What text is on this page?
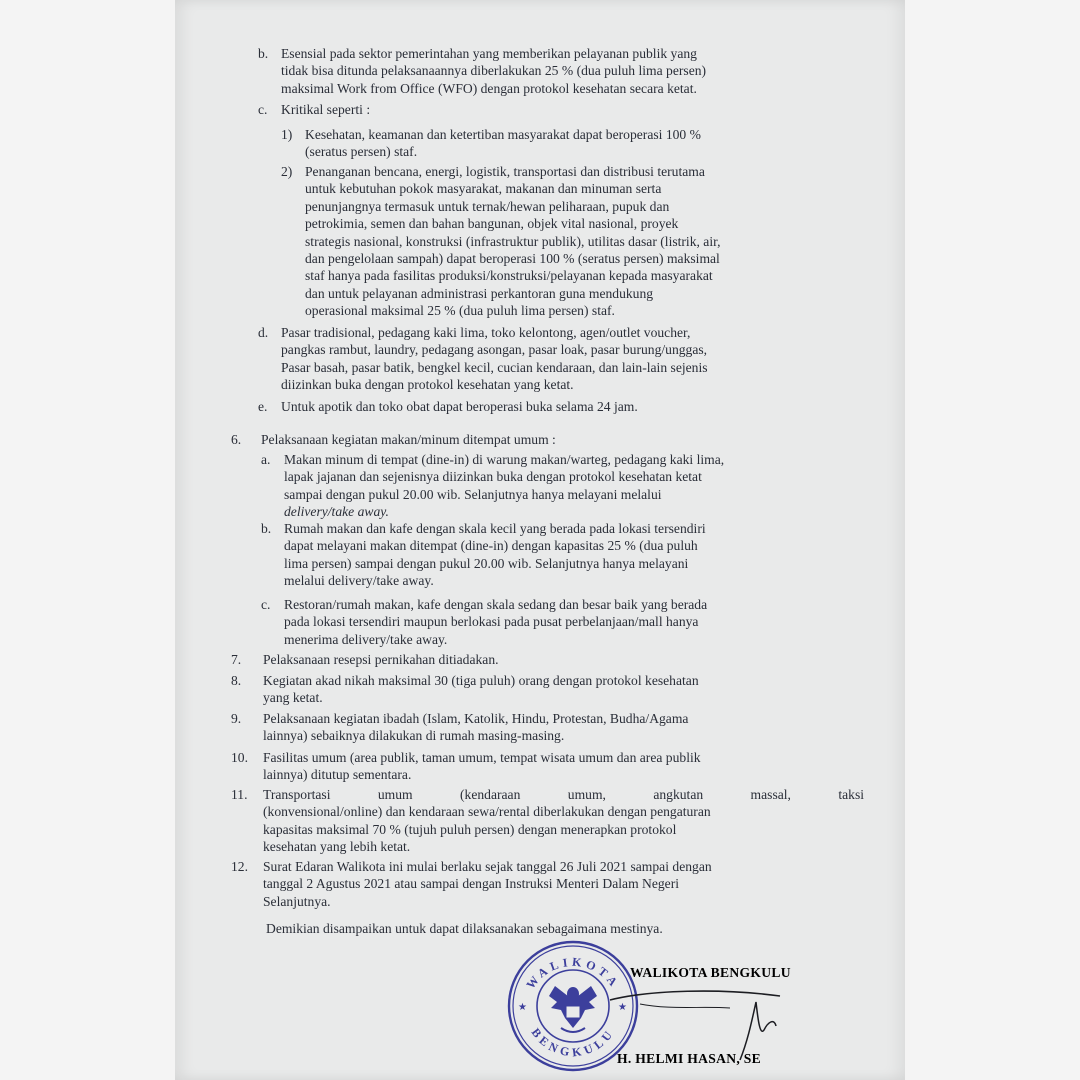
b. Esensial pada sektor pemerintahan yang memberikan pelayanan publik yang
tidak bisa ditunda pelaksanaannya diberlakukan 25 % (dua puluh lima persen)
maksimal Work from Office (WFO) dengan protokol kesehatan secara ketat.
c. Kritikal seperti :
1) Kesehatan, keamanan dan ketertiban masyarakat dapat beroperasi 100 %
(seratus persen) staf.
2) Penanganan bencana, energi, logistik, transportasi dan distribusi terutama
untuk kebutuhan pokok masyarakat, makanan dan minuman serta
penunjangnya termasuk untuk ternak/hewan peliharaan, pupuk dan
petrokimia, semen dan bahan bangunan, objek vital nasional, proyek
strategis nasional, konstruksi (infrastruktur publik), utilitas dasar (listrik, air,
dan pengelolaan sampah) dapat beroperasi 100 % (seratus persen) maksimal
staf hanya pada fasilitas produksi/konstruksi/pelayanan kepada masyarakat
dan untuk pelayanan administrasi perkantoran guna mendukung
operasional maksimal 25 % (dua puluh lima persen) staf.
d. Pasar tradisional, pedagang kaki lima, toko kelontong, agen/outlet voucher,
pangkas rambut, laundry, pedagang asongan, pasar loak, pasar burung/unggas,
Pasar basah, pasar batik, bengkel kecil, cucian kendaraan, dan lain-lain sejenis
diizinkan buka dengan protokol kesehatan yang ketat.
e. Untuk apotik dan toko obat dapat beroperasi buka selama 24 jam.
6. Pelaksanaan kegiatan makan/minum ditempat umum :
a. Makan minum di tempat (dine-in) di warung makan/warteg, pedagang kaki lima,
lapak jajanan dan sejenisnya diizinkan buka dengan protokol kesehatan ketat
sampai dengan pukul 20.00 wib. Selanjutnya hanya melayani melalui
delivery/take away.
b. Rumah makan dan kafe dengan skala kecil yang berada pada lokasi tersendiri
dapat melayani makan ditempat (dine-in) dengan kapasitas 25 % (dua puluh
lima persen) sampai dengan pukul 20.00 wib. Selanjutnya hanya melayani
melalui delivery/take away.
c. Restoran/rumah makan, kafe dengan skala sedang dan besar baik yang berada
pada lokasi tersendiri maupun berlokasi pada pusat perbelanjaan/mall hanya
menerima delivery/take away.
7. Pelaksanaan resepsi pernikahan ditiadakan.
8. Kegiatan akad nikah maksimal 30 (tiga puluh) orang dengan protokol kesehatan
yang ketat.
9. Pelaksanaan kegiatan ibadah (Islam, Katolik, Hindu, Protestan, Budha/Agama
lainnya) sebaiknya dilakukan di rumah masing-masing.
10. Fasilitas umum (area publik, taman umum, tempat wisata umum dan area publik
lainnya) ditutup sementara.
11. Transportasi umum (kendaraan umum, angkutan massal, taksi
(konvensional/online) dan kendaraan sewa/rental diberlakukan dengan pengaturan
kapasitas maksimal 70 % (tujuh puluh persen) dengan menerapkan protokol
kesehatan yang lebih ketat.
12. Surat Edaran Walikota ini mulai berlaku sejak tanggal 26 Juli 2021 sampai dengan
tanggal 2 Agustus 2021 atau sampai dengan Instruksi Menteri Dalam Negeri
Selanjutnya.
Demikian disampaikan untuk dapat dilaksanakan sebagaimana mestinya.
WALIKOTA
BENGKULU
★	★
WALIKOTA BENGKULU
H. HELMI HASAN, SE
